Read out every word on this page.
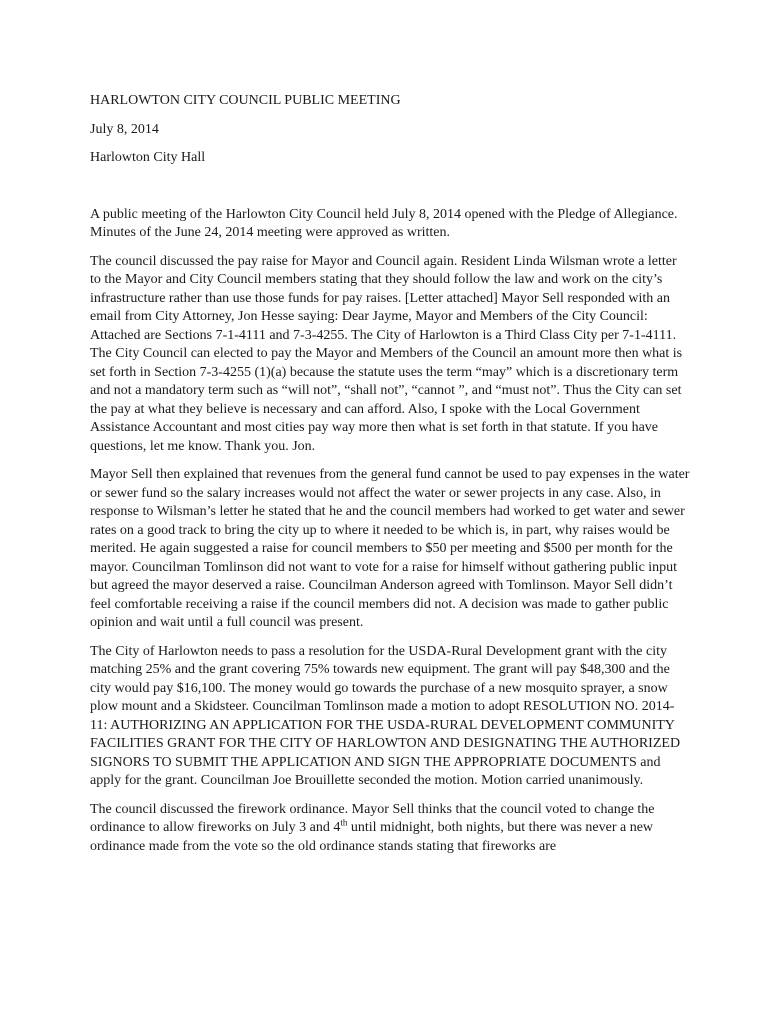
HARLOWTON CITY COUNCIL PUBLIC MEETING
July 8, 2014
Harlowton City Hall

A public meeting of the Harlowton City Council held July 8, 2014 opened with the Pledge of Allegiance. Minutes of the June 24, 2014 meeting were approved as written.

The council discussed the pay raise for Mayor and Council again. Resident Linda Wilsman wrote a letter to the Mayor and City Council members stating that they should follow the law and work on the city’s infrastructure rather than use those funds for pay raises. [Letter attached] Mayor Sell responded with an email from City Attorney, Jon Hesse saying: Dear Jayme, Mayor and Members of the City Council: Attached are Sections 7-1-4111 and 7-3-4255. The City of Harlowton is a Third Class City per 7-1-4111. The City Council can elected to pay the Mayor and Members of the Council an amount more then what is set forth in Section 7-3-4255 (1)(a) because the statute uses the term “may” which is a discretionary term and not a mandatory term such as “will not”, “shall not”, “cannot ”, and “must not”. Thus the City can set the pay at what they believe is necessary and can afford. Also, I spoke with the Local Government Assistance Accountant and most cities pay way more then what is set forth in that statute. If you have questions, let me know. Thank you. Jon.

Mayor Sell then explained that revenues from the general fund cannot be used to pay expenses in the water or sewer fund so the salary increases would not affect the water or sewer projects in any case. Also, in response to Wilsman’s letter he stated that he and the council members had worked to get water and sewer rates on a good track to bring the city up to where it needed to be which is, in part, why raises would be merited. He again suggested a raise for council members to $50 per meeting and $500 per month for the mayor. Councilman Tomlinson did not want to vote for a raise for himself without gathering public input but agreed the mayor deserved a raise. Councilman Anderson agreed with Tomlinson. Mayor Sell didn’t feel comfortable receiving a raise if the council members did not. A decision was made to gather public opinion and wait until a full council was present.

The City of Harlowton needs to pass a resolution for the USDA-Rural Development grant with the city matching 25% and the grant covering 75% towards new equipment. The grant will pay $48,300 and the city would pay $16,100. The money would go towards the purchase of a new mosquito sprayer, a snow plow mount and a Skidsteer. Councilman Tomlinson made a motion to adopt RESOLUTION NO. 2014-11: AUTHORIZING AN APPLICATION FOR THE USDA-RURAL DEVELOPMENT COMMUNITY FACILITIES GRANT FOR THE CITY OF HARLOWTON AND DESIGNATING THE AUTHORIZED SIGNORS TO SUBMIT THE APPLICATION AND SIGN THE APPROPRIATE DOCUMENTS and apply for the grant. Councilman Joe Brouillette seconded the motion. Motion carried unanimously.

The council discussed the firework ordinance. Mayor Sell thinks that the council voted to change the ordinance to allow fireworks on July 3 and 4th until midnight, both nights, but there was never a new ordinance made from the vote so the old ordinance stands stating that fireworks are
